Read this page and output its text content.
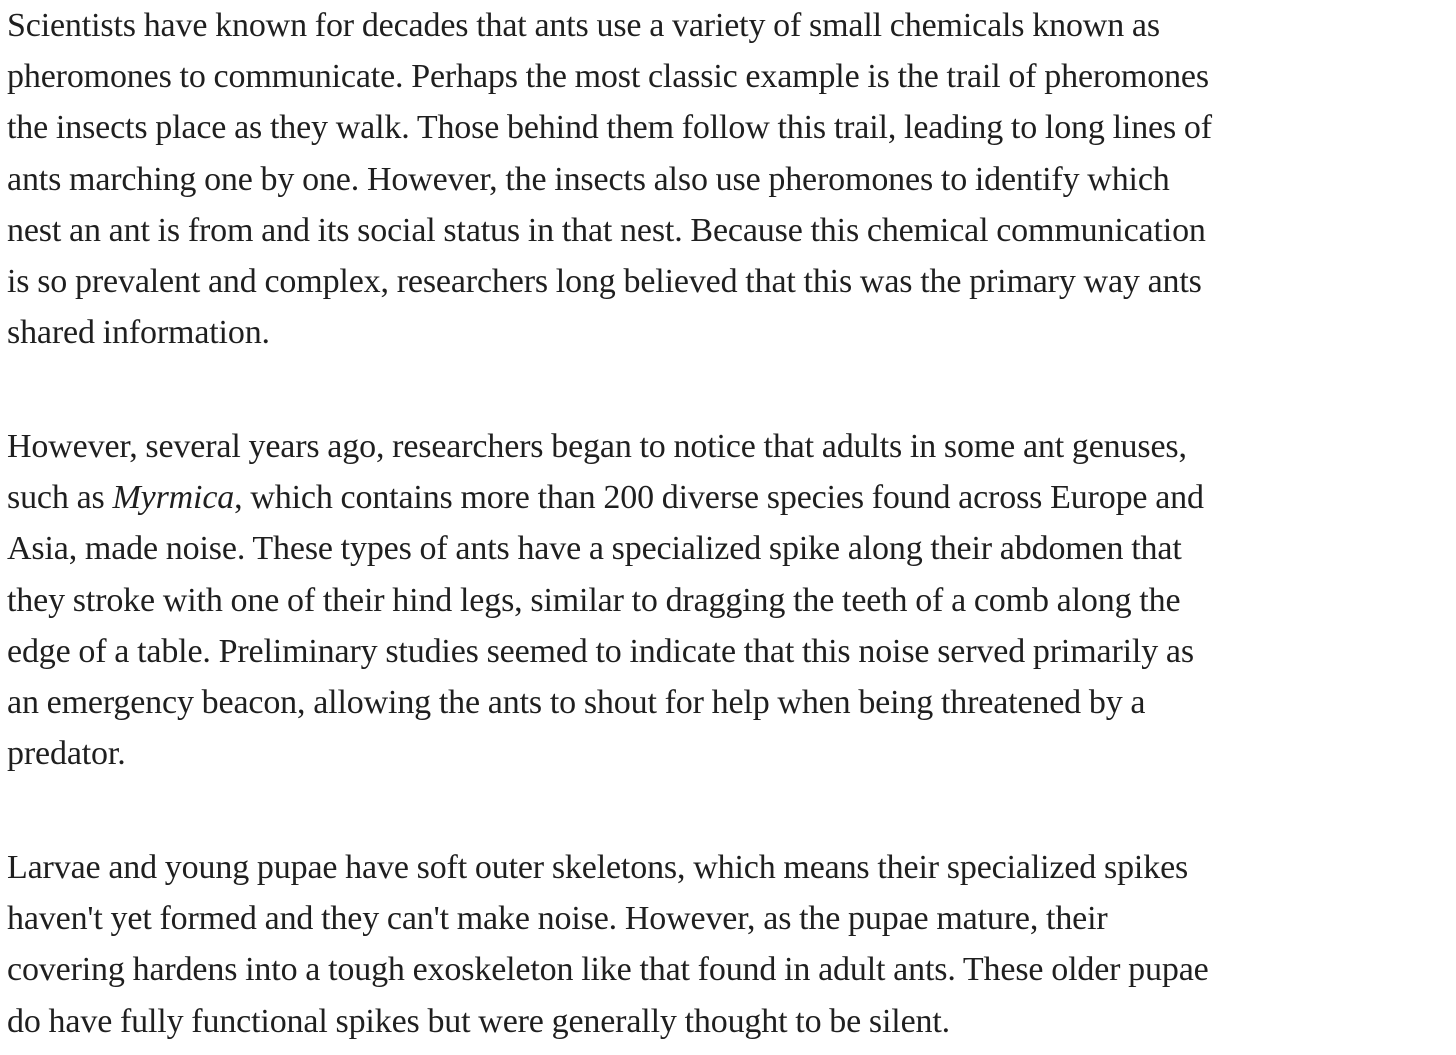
Scientists have known for decades that ants use a variety of small chemicals known as
pheromones to communicate. Perhaps the most classic example is the trail of pheromones
the insects place as they walk. Those behind them follow this trail, leading to long lines of
ants marching one by one. However, the insects also use pheromones to identify which
nest an ant is from and its social status in that nest. Because this chemical communication
is so prevalent and complex, researchers long believed that this was the primary way ants
shared information.

However, several years ago, researchers began to notice that adults in some ant genuses,
such as Myrmica, which contains more than 200 diverse species found across Europe and
Asia, made noise. These types of ants have a specialized spike along their abdomen that
they stroke with one of their hind legs, similar to dragging the teeth of a comb along the
edge of a table. Preliminary studies seemed to indicate that this noise served primarily as
an emergency beacon, allowing the ants to shout for help when being threatened by a
predator.

Larvae and young pupae have soft outer skeletons, which means their specialized spikes
haven't yet formed and they can't make noise. However, as the pupae mature, their
covering hardens into a tough exoskeleton like that found in adult ants. These older pupae
do have fully functional spikes but were generally thought to be silent.
